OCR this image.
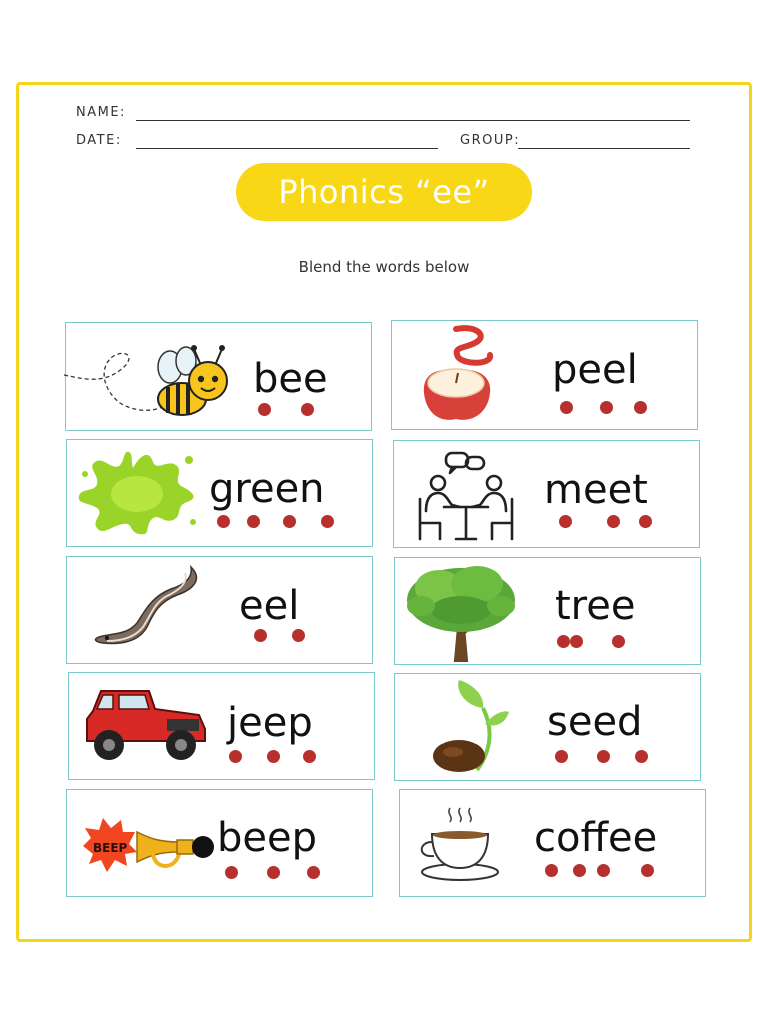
NAME:
DATE:	GROUP:
Phonics “ee”
Blend the words below
bee	peel
green	meet
eel	tree
jeep	seed
BEEP beep	coffee
